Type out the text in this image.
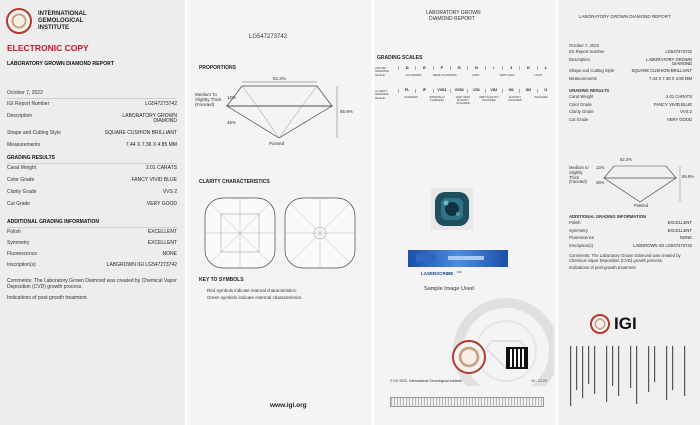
INTERNATIONAL
GEMOLOGICAL
INSTITUTE
ELECTRONIC COPY
LABORATORY GROWN DIAMOND REPORT
October 7, 2022
IGI Report Number	LG547273742
Description	LABORATORY GROWN
DIAMOND
Shape and Cutting Style	SQUARE CUSHION BRILLIANT
Measurements	7.44 X 7.36 X 4.85 MM
GRADING RESULTS
Carat Weight	2.01 CARATS
Color Grade	FANCY VIVID BLUE
Clarity Grade	VVS 2
Cut Grade	VERY GOOD
ADDITIONAL GRADING INFORMATION
Polish	EXCELLENT
Symmetry	EXCELLENT
Fluorescence	NONE
Inscription(s)	LABGROWN IGI LG547273742
Comments: The Laboratory Grown Diamond was created by Chemical Vapor Deposition (CVD) growth process.
Indications of post-growth treatment.
LG547273742
PROPORTIONS
62.3%
65.9%
12%
45%
Medium To
Slightly Thick
(Faceted)
Pointed
CLARITY CHARACTERISTICS
KEY TO SYMBOLS
Red symbols indicate internal characteristics.
Green symbols indicate external characteristics.
www.igi.org
LABORATORY GROWN
DIAMOND REPORT
GRADING SCALES
COLOR GRADING SCALE
D	E	F	G	H	I	J	K	L
COLORLESS	NEAR COLORLESS	FAINT	VERY LIGHT	LIGHT
CLARITY GRADING SCALE
FL	IF	VVS1	VVS2	VS1	VS2	SI1	SI2	I1
FLAWLESS	INTERNALLY FLAWLESS
VERY VERY SLIGHTLY INCLUDED
VERY SLIGHTLY INCLUDED
SLIGHTLY INCLUDED
INCLUDED
LASERSCRIBE SM
Sample Image Used
© IGI 2020, International Gemological Institute	10 - 12.20
LABORATORY GROWN DIAMOND REPORT
October 7, 2022
IGI Report Number	LG547273742
Description	LABORATORY GROWN
DIAMOND
Shape and Cutting Style	SQUARE CUSHION BRILLIANT
Measurements	7.44 X 7.36 X 4.85 MM
GRADING RESULTS
Carat Weight	2.01 CARATS
Color Grade	FANCY VIVID BLUE
Clarity Grade	VVS 2
Cut Grade	VERY GOOD
62.3%
65.9%
12%
45%
Medium to
Slightly
Thick
(Faceted)
Pointed
ADDITIONAL GRADING INFORMATION
Polish	EXCELLENT
Symmetry	EXCELLENT
Fluorescence	NONE
Inscription(s)	LABGROWN IGI LG547273742
Comments: The Laboratory Grown Diamond was created by Chemical Vapor Deposition (CVD) growth process.
Indications of post-growth treatment.
IGI
